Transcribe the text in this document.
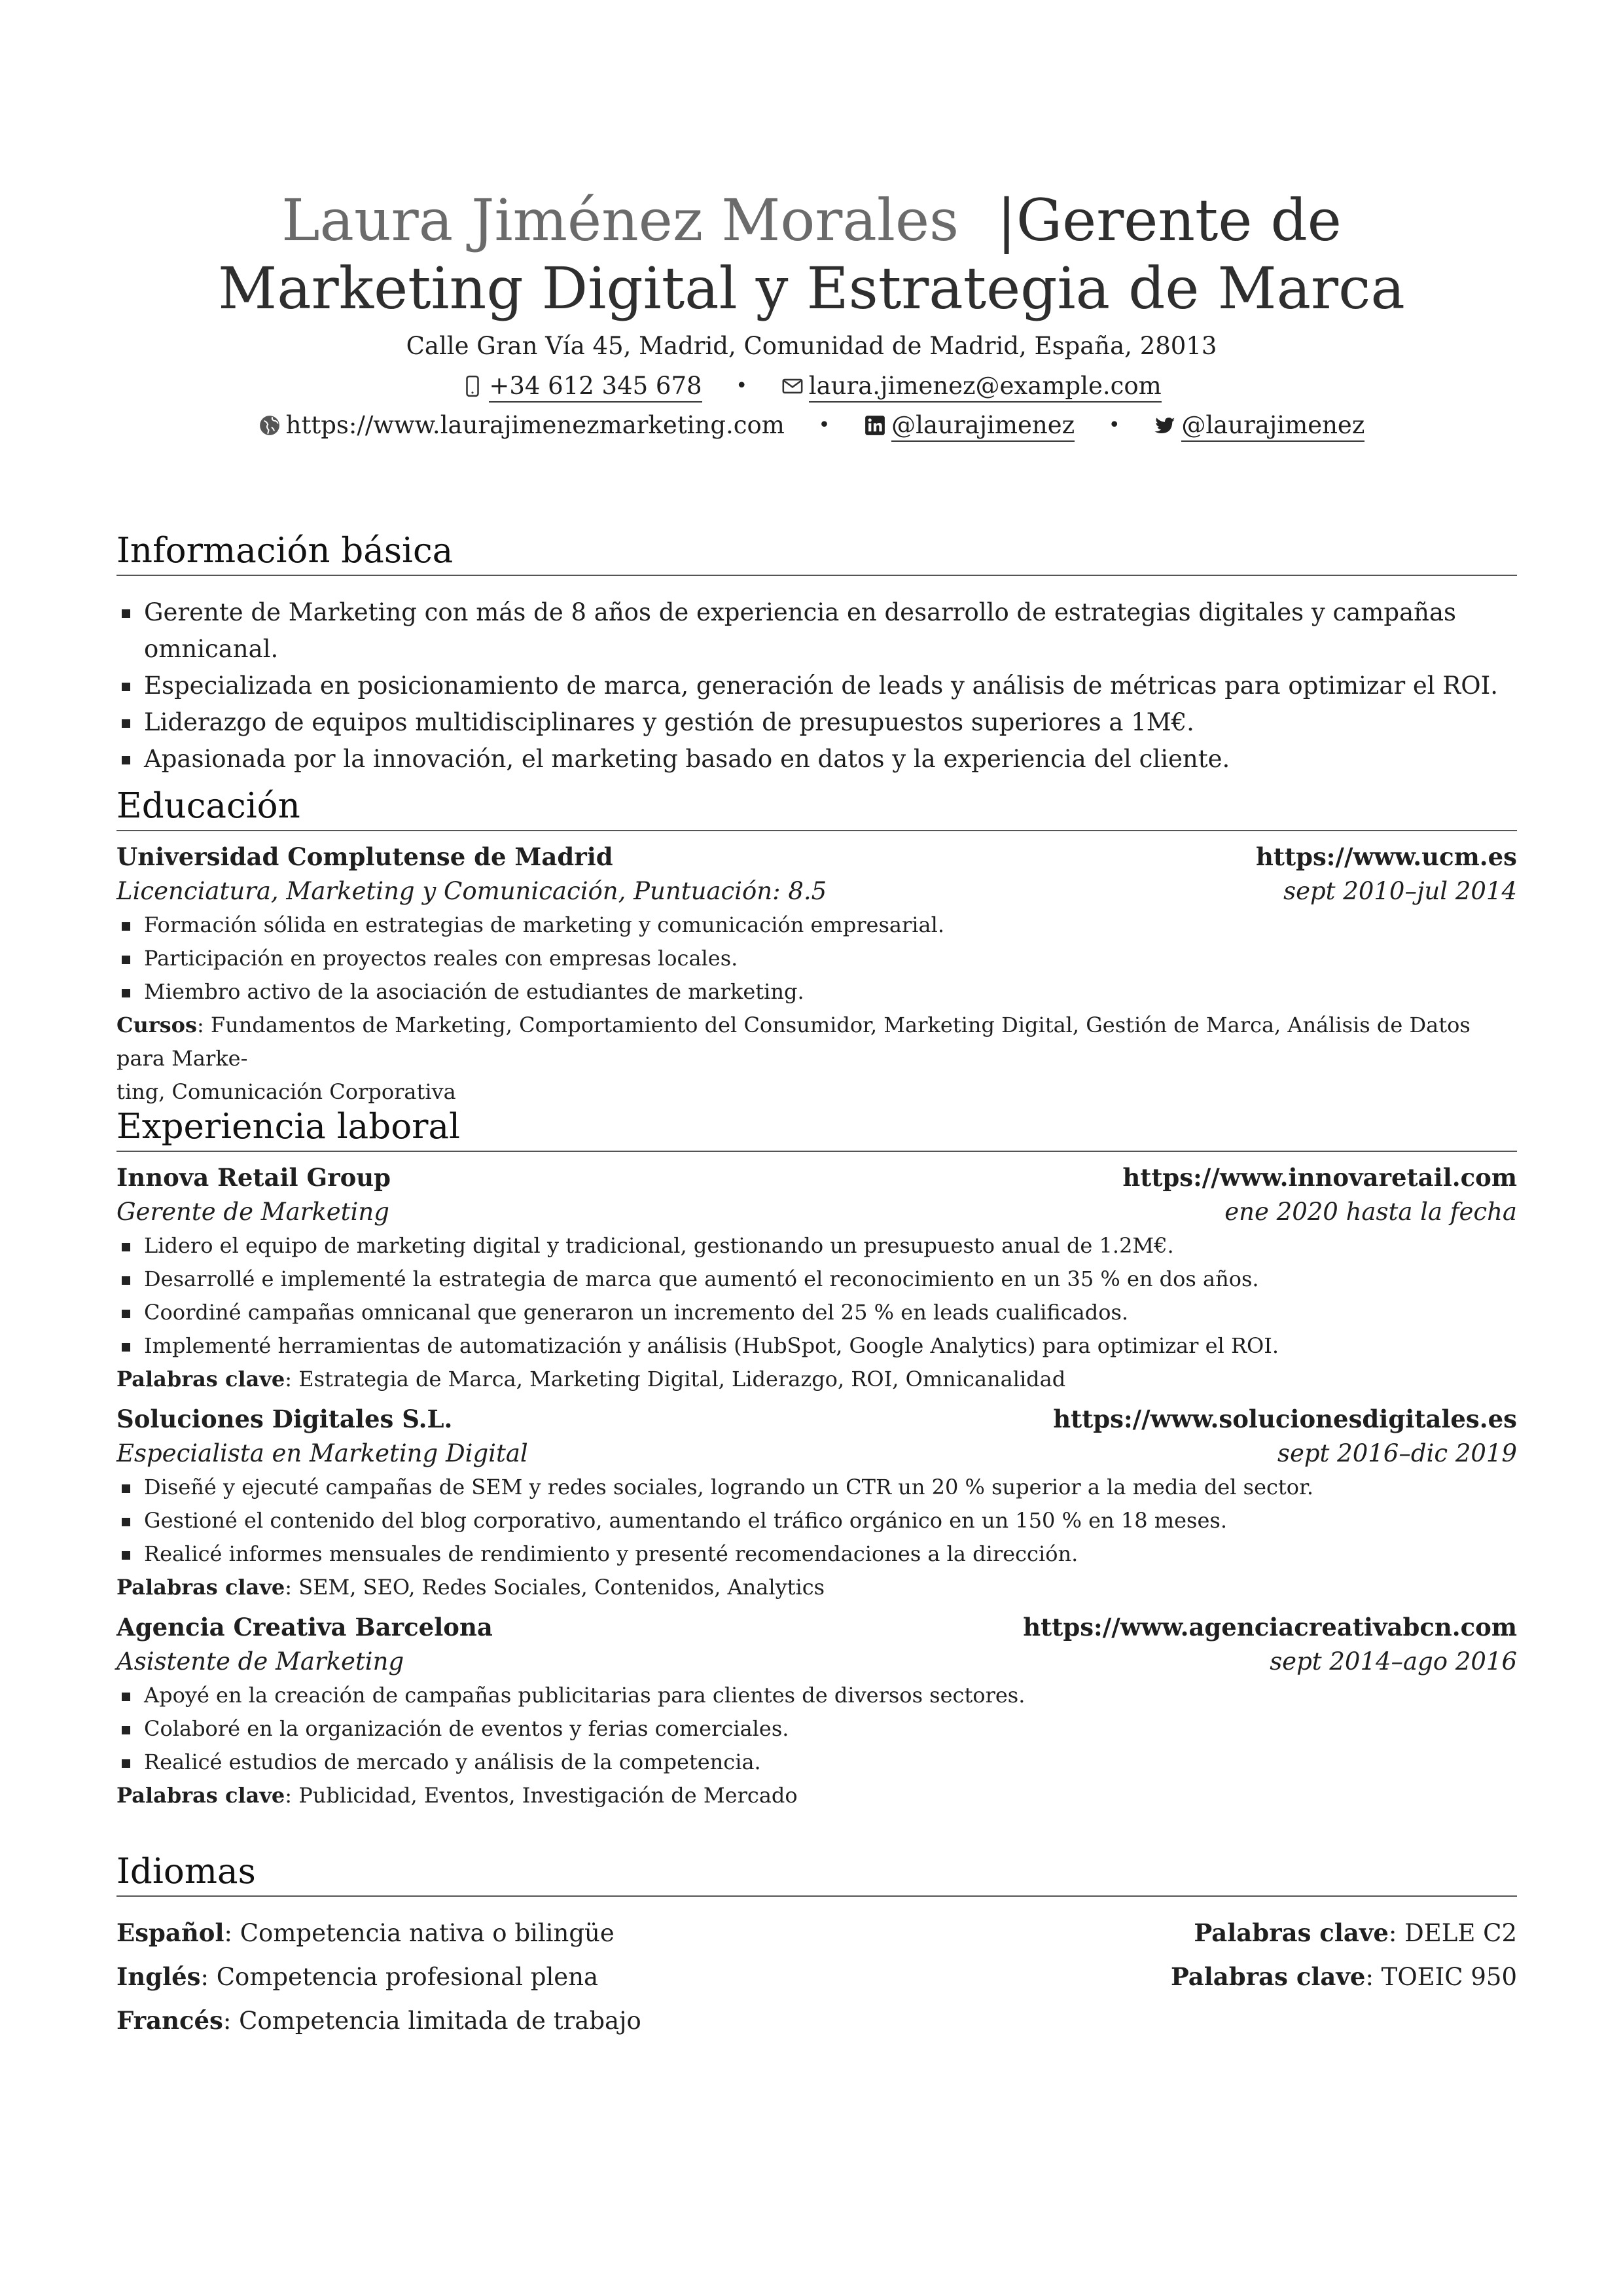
Laura Jiménez Morales |Gerente de
Marketing Digital y Estrategia de Marca
Calle Gran Vía 45, Madrid, Comunidad de Madrid, España, 28013
+34 612 345 678 •	laura.jimenez@example.com
https://www.laurajimenezmarketing.com •	@laurajimenez •	@laurajimenez
Información básica
Gerente de Marketing con más de 8 años de experiencia en desarrollo de estrategias digitales y campañas omnicanal.
Especializada en posicionamiento de marca, generación de leads y análisis de métricas para optimizar el ROI.
Liderazgo de equipos multidisciplinares y gestión de presupuestos superiores a 1M€.
Apasionada por la innovación, el marketing basado en datos y la experiencia del cliente.
Educación
Universidad Complutense de Madrid	https://www.ucm.es
Licenciatura, Marketing y Comunicación, Puntuación: 8.5	sept 2010–jul 2014
Formación sólida en estrategias de marketing y comunicación empresarial.
Participación en proyectos reales con empresas locales.
Miembro activo de la asociación de estudiantes de marketing.
Cursos: Fundamentos de Marketing, Comportamiento del Consumidor, Marketing Digital, Gestión de Marca, Análisis de Datos para Marke-
ting, Comunicación Corporativa
Experiencia laboral
Innova Retail Group	https://www.innovaretail.com
Gerente de Marketing	ene 2020 hasta la fecha
Lidero el equipo de marketing digital y tradicional, gestionando un presupuesto anual de 1.2M€.
Desarrollé e implementé la estrategia de marca que aumentó el reconocimiento en un 35 % en dos años.
Coordiné campañas omnicanal que generaron un incremento del 25 % en leads cualificados.
Implementé herramientas de automatización y análisis (HubSpot, Google Analytics) para optimizar el ROI.
Palabras clave: Estrategia de Marca, Marketing Digital, Liderazgo, ROI, Omnicanalidad
Soluciones Digitales S.L.	https://www.solucionesdigitales.es
Especialista en Marketing Digital	sept 2016–dic 2019
Diseñé y ejecuté campañas de SEM y redes sociales, logrando un CTR un 20 % superior a la media del sector.
Gestioné el contenido del blog corporativo, aumentando el tráfico orgánico en un 150 % en 18 meses.
Realicé informes mensuales de rendimiento y presenté recomendaciones a la dirección.
Palabras clave: SEM, SEO, Redes Sociales, Contenidos, Analytics
Agencia Creativa Barcelona	https://www.agenciacreativabcn.com
Asistente de Marketing	sept 2014–ago 2016
Apoyé en la creación de campañas publicitarias para clientes de diversos sectores.
Colaboré en la organización de eventos y ferias comerciales.
Realicé estudios de mercado y análisis de la competencia.
Palabras clave: Publicidad, Eventos, Investigación de Mercado
Idiomas
Español: Competencia nativa o bilingüe	Palabras clave: DELE C2
Inglés: Competencia profesional plena	Palabras clave: TOEIC 950
Francés: Competencia limitada de trabajo
